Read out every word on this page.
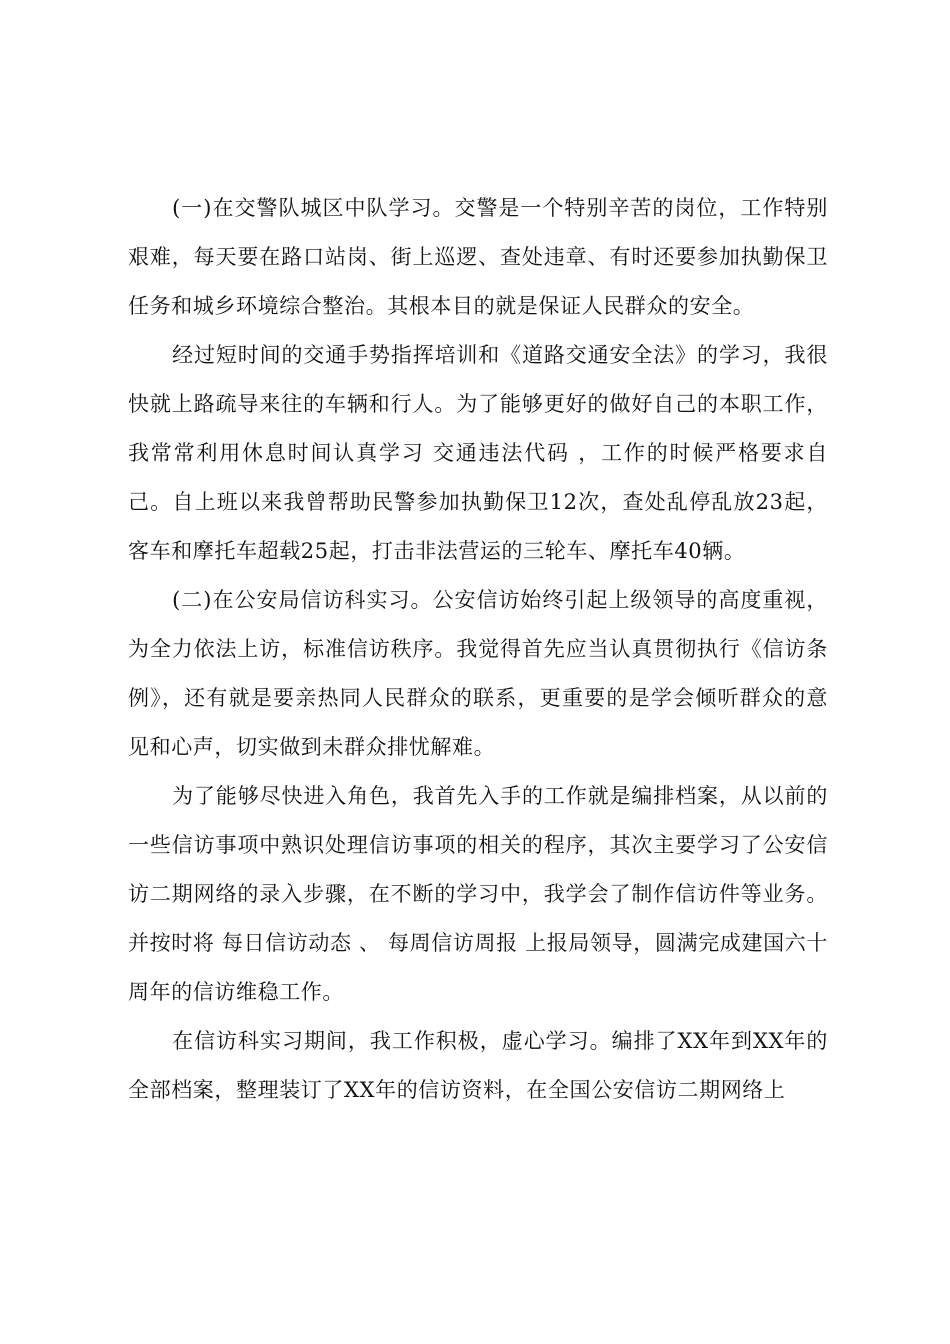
(一)在交警队城区中队学习。交警是一个特别辛苦的岗位，工作特别艰难，每天要在路口站岗、街上巡逻、查处违章、有时还要参加执勤保卫任务和城乡环境综合整治。其根本目的就是保证人民群众的安全。

经过短时间的交通手势指挥培训和《道路交通安全法》的学习，我很快就上路疏导来往的车辆和行人。为了能够更好的做好自己的本职工作，我常常利用休息时间认真学习 交通违法代码 ，工作的时候严格要求自己。自上班以来我曾帮助民警参加执勤保卫12次，查处乱停乱放23起，客车和摩托车超载25起，打击非法营运的三轮车、摩托车40辆。

(二)在公安局信访科实习。公安信访始终引起上级领导的高度重视，为全力依法上访，标准信访秩序。我觉得首先应当认真贯彻执行《信访条例》，还有就是要亲热同人民群众的联系，更重要的是学会倾听群众的意见和心声，切实做到未群众排忧解难。

为了能够尽快进入角色，我首先入手的工作就是编排档案，从以前的一些信访事项中熟识处理信访事项的相关的程序，其次主要学习了公安信访二期网络的录入步骤，在不断的学习中，我学会了制作信访件等业务。并按时将 每日信访动态 、 每周信访周报 上报局领导，圆满完成建国六十周年的信访维稳工作。

在信访科实习期间，我工作积极，虚心学习。编排了XX年到XX年的全部档案，整理装订了XX年的信访资料，在全国公安信访二期网络上
